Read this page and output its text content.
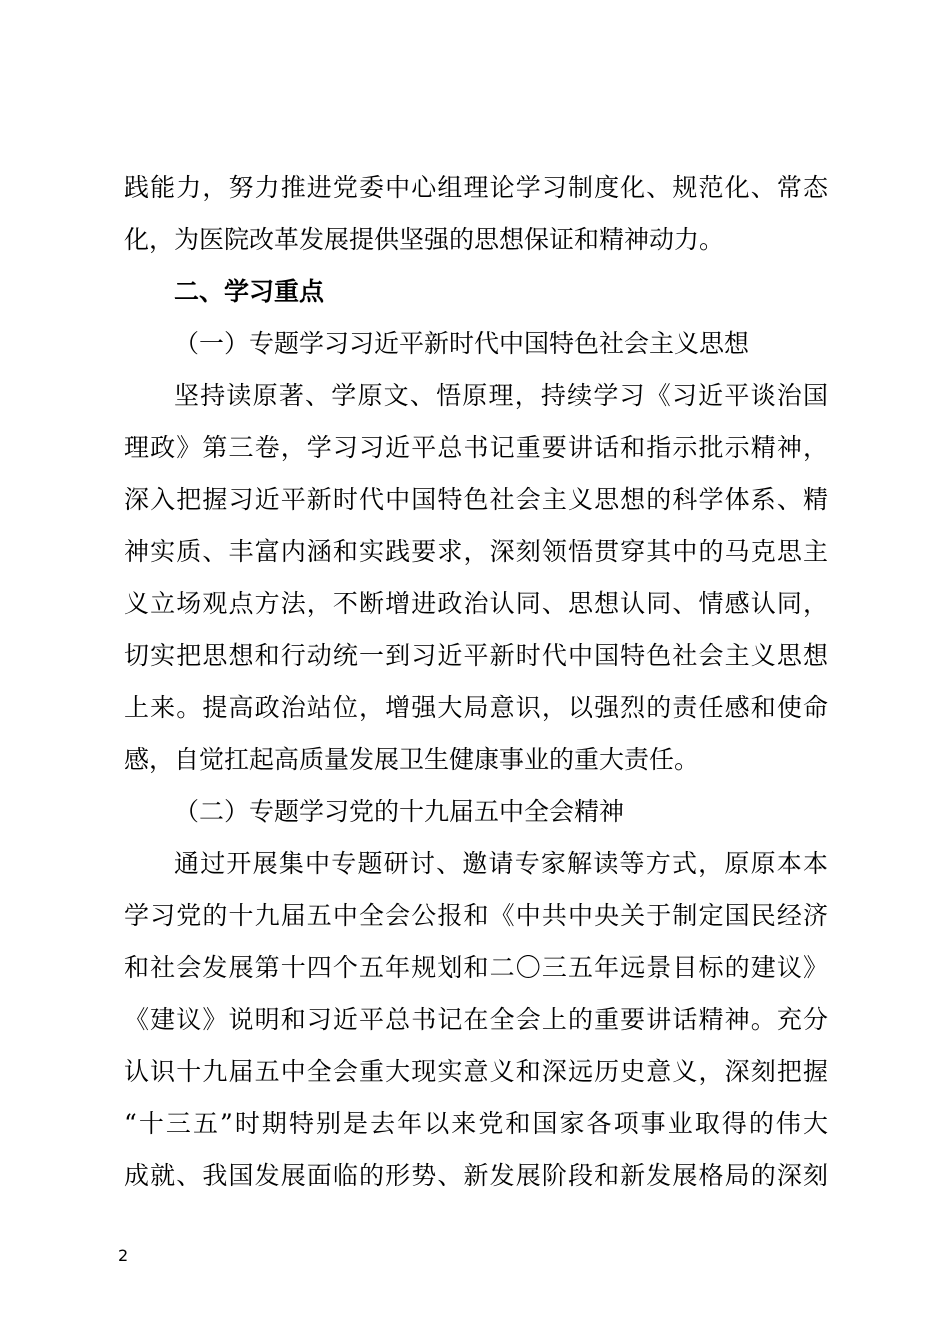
践能力，努力推进党委中心组理论学习制度化、规范化、常态
化，为医院改革发展提供坚强的思想保证和精神动力。
二、学习重点
（一）专题学习习近平新时代中国特色社会主义思想
坚持读原著、学原文、悟原理，持续学习《习近平谈治国
理政》第三卷，学习习近平总书记重要讲话和指示批示精神，
深入把握习近平新时代中国特色社会主义思想的科学体系、精
神实质、丰富内涵和实践要求，深刻领悟贯穿其中的马克思主
义立场观点方法，不断增进政治认同、思想认同、情感认同，
切实把思想和行动统一到习近平新时代中国特色社会主义思想
上来。提高政治站位，增强大局意识，以强烈的责任感和使命
感，自觉扛起高质量发展卫生健康事业的重大责任。
（二）专题学习党的十九届五中全会精神
通过开展集中专题研讨、邀请专家解读等方式，原原本本
学习党的十九届五中全会公报和《中共中央关于制定国民经济
和社会发展第十四个五年规划和二〇三五年远景目标的建议》
《建议》说明和习近平总书记在全会上的重要讲话精神。充分
认识十九届五中全会重大现实意义和深远历史意义，深刻把握
“十三五”时期特别是去年以来党和国家各项事业取得的伟大
成就、我国发展面临的形势、新发展阶段和新发展格局的深刻
2
